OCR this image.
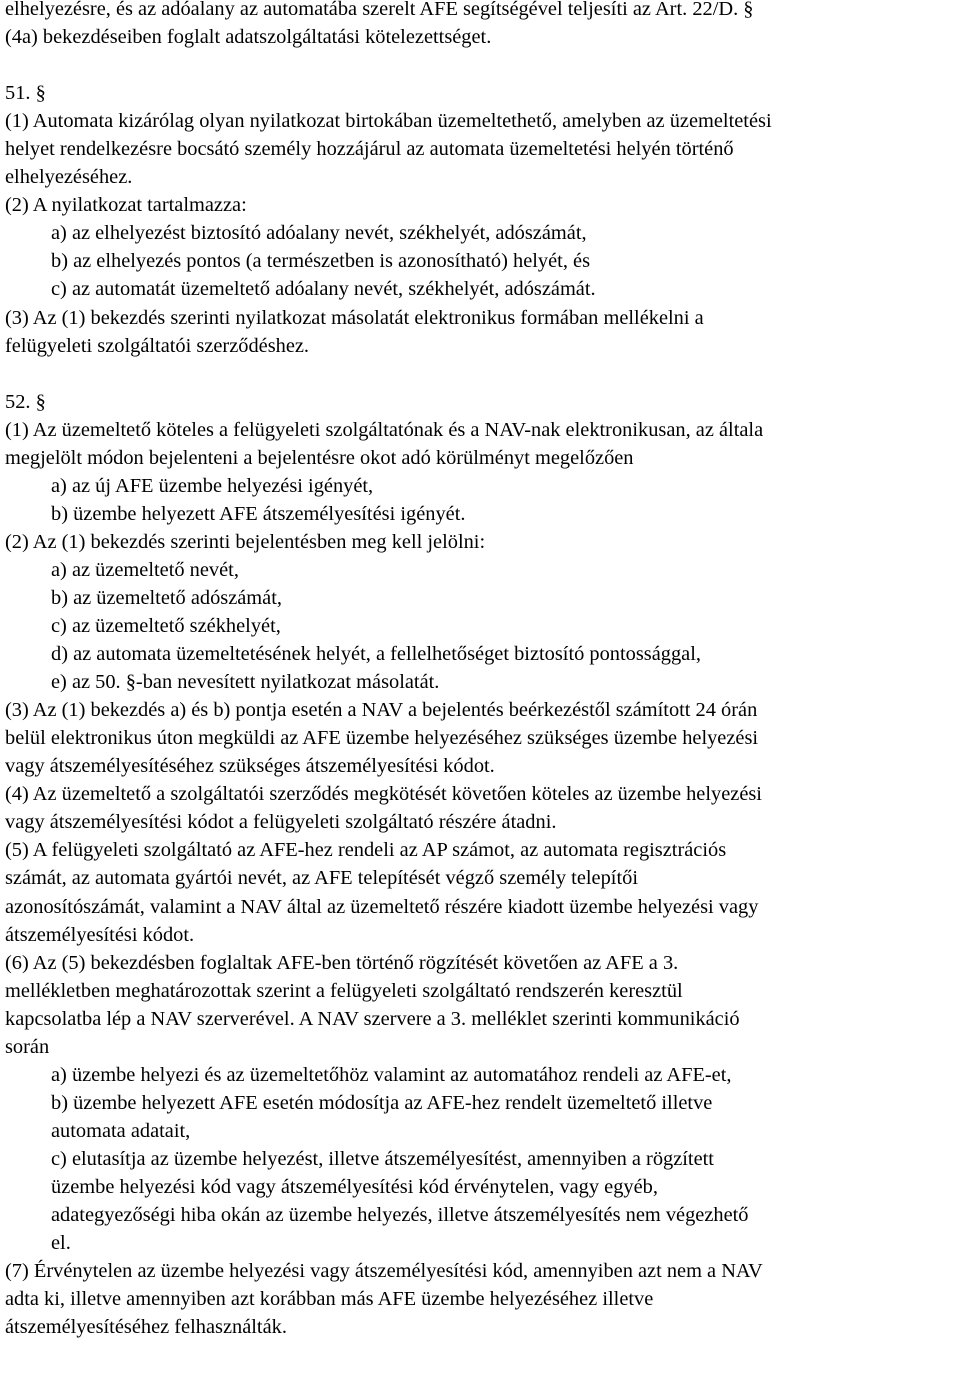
elhelyezésre, és az adóalany az automatába szerelt AFE segítségével teljesíti az Art. 22/D. §
(4a) bekezdéseiben foglalt adatszolgáltatási kötelezettséget.
51. §
(1) Automata kizárólag olyan nyilatkozat birtokában üzemeltethető, amelyben az üzemeltetési
helyet rendelkezésre bocsátó személy hozzájárul az automata üzemeltetési helyén történő
elhelyezéséhez.
(2) A nyilatkozat tartalmazza:
a) az elhelyezést biztosító adóalany nevét, székhelyét, adószámát,
b) az elhelyezés pontos (a természetben is azonosítható) helyét, és
c) az automatát üzemeltető adóalany nevét, székhelyét, adószámát.
(3) Az (1) bekezdés szerinti nyilatkozat másolatát elektronikus formában mellékelni a
felügyeleti szolgáltatói szerződéshez.
52. §
(1) Az üzemeltető köteles a felügyeleti szolgáltatónak és a NAV-nak elektronikusan, az általa
megjelölt módon bejelenteni a bejelentésre okot adó körülményt megelőzően
a) az új AFE üzembe helyezési igényét,
b) üzembe helyezett AFE átszemélyesítési igényét.
(2) Az (1) bekezdés szerinti bejelentésben meg kell jelölni:
a) az üzemeltető nevét,
b) az üzemeltető adószámát,
c) az üzemeltető székhelyét,
d) az automata üzemeltetésének helyét, a fellelhetőséget biztosító pontossággal,
e) az 50. §-ban nevesített nyilatkozat másolatát.
(3) Az (1) bekezdés a) és b) pontja esetén a NAV a bejelentés beérkezéstől számított 24 órán
belül elektronikus úton megküldi az AFE üzembe helyezéséhez szükséges üzembe helyezési
vagy átszemélyesítéséhez szükséges átszemélyesítési kódot.
(4) Az üzemeltető a szolgáltatói szerződés megkötését követően köteles az üzembe helyezési
vagy átszemélyesítési kódot a felügyeleti szolgáltató részére átadni.
(5) A felügyeleti szolgáltató az AFE-hez rendeli az AP számot, az automata regisztrációs
számát, az automata gyártói nevét, az AFE telepítését végző személy telepítői
azonosítószámát, valamint a NAV által az üzemeltető részére kiadott üzembe helyezési vagy
átszemélyesítési kódot.
(6) Az (5) bekezdésben foglaltak AFE-ben történő rögzítését követően az AFE a 3.
mellékletben meghatározottak szerint a felügyeleti szolgáltató rendszerén keresztül
kapcsolatba lép a NAV szerverével. A NAV szervere a 3. melléklet szerinti kommunikáció
során
a) üzembe helyezi és az üzemeltetőhöz valamint az automatához rendeli az AFE-et,
b) üzembe helyezett AFE esetén módosítja az AFE-hez rendelt üzemeltető illetve
automata adatait,
c) elutasítja az üzembe helyezést, illetve átszemélyesítést, amennyiben a rögzített
üzembe helyezési kód vagy átszemélyesítési kód érvénytelen, vagy egyéb,
adategyezőségi hiba okán az üzembe helyezés, illetve átszemélyesítés nem végezhető
el.
(7) Érvénytelen az üzembe helyezési vagy átszemélyesítési kód, amennyiben azt nem a NAV
adta ki, illetve amennyiben azt korábban más AFE üzembe helyezéséhez illetve
átszemélyesítéséhez felhasználták.
